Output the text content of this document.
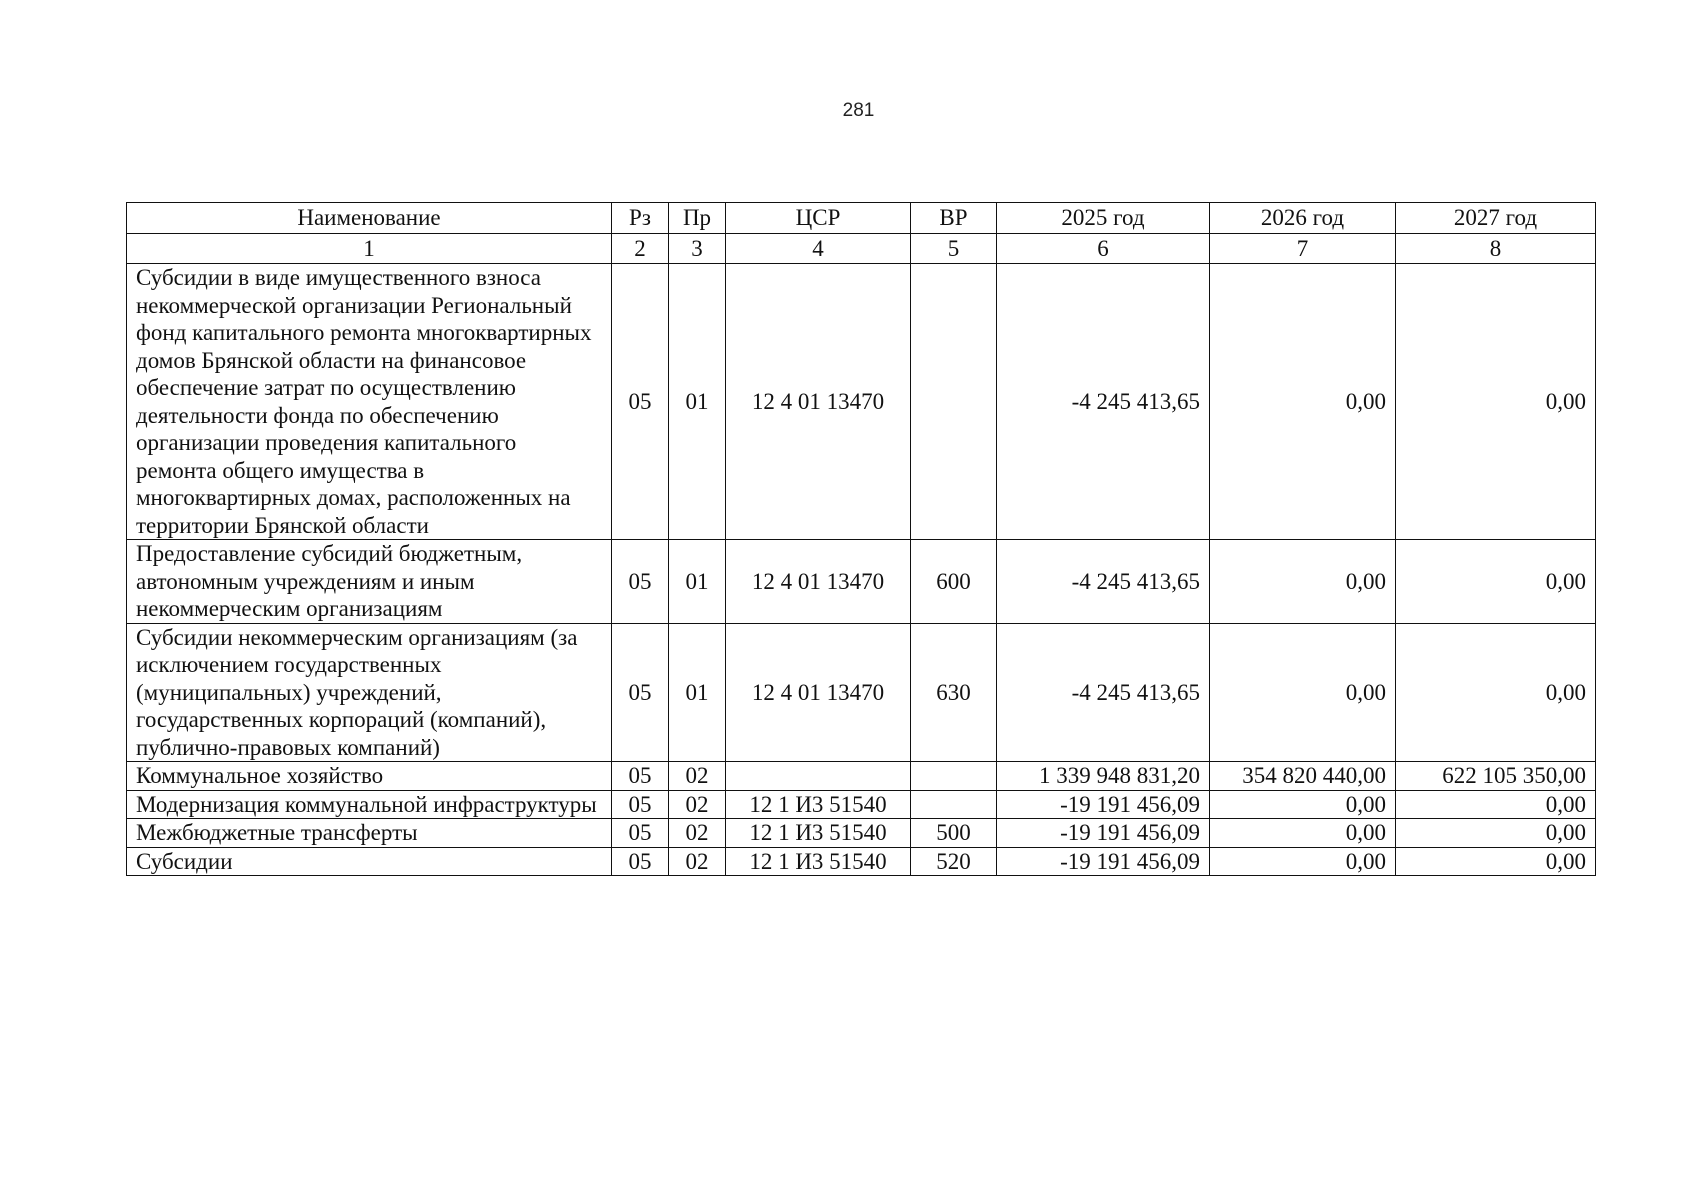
281
Наименование	Рз	Пр	ЦСР	ВР	2025 год	2026 год	2027 год
1	2	3	4	5	6	7	8
Субсидии в виде имущественного взноса некоммерческой организации Региональный фонд капитального ремонта многоквартирных домов Брянской области на финансовое обеспечение затрат по осуществлению деятельности фонда по обеспечению организации проведения капитального ремонта общего имущества в многоквартирных домах, расположенных на территории Брянской области	05	01	12 4 01 13470		-4 245 413,65	0,00	0,00
Предоставление субсидий бюджетным, автономным учреждениям и иным некоммерческим организациям	05	01	12 4 01 13470	600	-4 245 413,65	0,00	0,00
Субсидии некоммерческим организациям (за исключением государственных (муниципальных) учреждений, государственных корпораций (компаний), публично-правовых компаний)	05	01	12 4 01 13470	630	-4 245 413,65	0,00	0,00
Коммунальное хозяйство	05	02			1 339 948 831,20	354 820 440,00	622 105 350,00
Модернизация коммунальной инфраструктуры	05	02	12 1 И3 51540		-19 191 456,09	0,00	0,00
Межбюджетные трансферты	05	02	12 1 И3 51540	500	-19 191 456,09	0,00	0,00
Субсидии	05	02	12 1 И3 51540	520	-19 191 456,09	0,00	0,00
